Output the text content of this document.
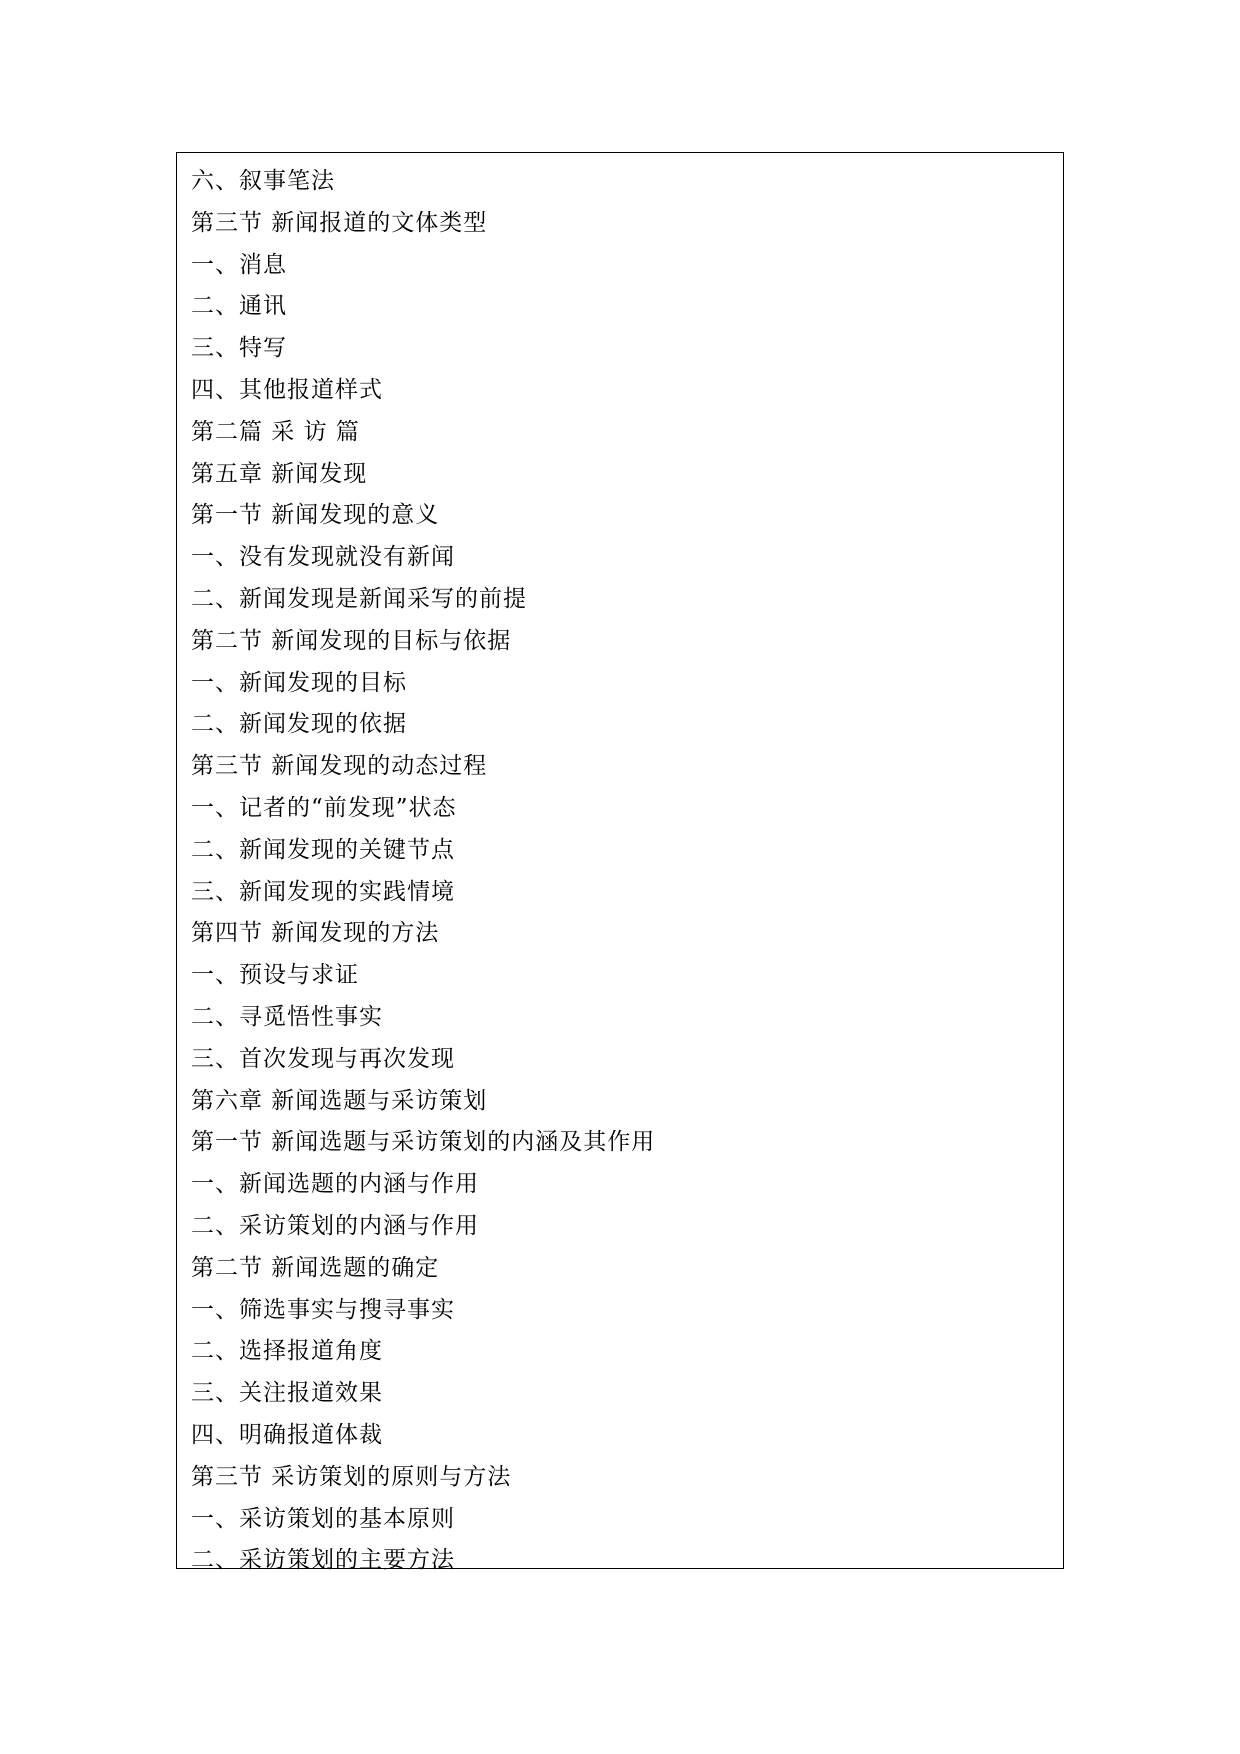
六、叙事笔法
第三节 新闻报道的文体类型
一、消息
二、通讯
三、特写
四、其他报道样式
第二篇 采 访 篇
第五章 新闻发现
第一节 新闻发现的意义
一、没有发现就没有新闻
二、新闻发现是新闻采写的前提
第二节 新闻发现的目标与依据
一、新闻发现的目标
二、新闻发现的依据
第三节 新闻发现的动态过程
一、记者的“前发现”状态
二、新闻发现的关键节点
三、新闻发现的实践情境
第四节 新闻发现的方法
一、预设与求证
二、寻觅悟性事实
三、首次发现与再次发现
第六章 新闻选题与采访策划
第一节 新闻选题与采访策划的内涵及其作用
一、新闻选题的内涵与作用
二、采访策划的内涵与作用
第二节 新闻选题的确定
一、筛选事实与搜寻事实
二、选择报道角度
三、关注报道效果
四、明确报道体裁
第三节 采访策划的原则与方法
一、采访策划的基本原则
二、采访策划的主要方法
